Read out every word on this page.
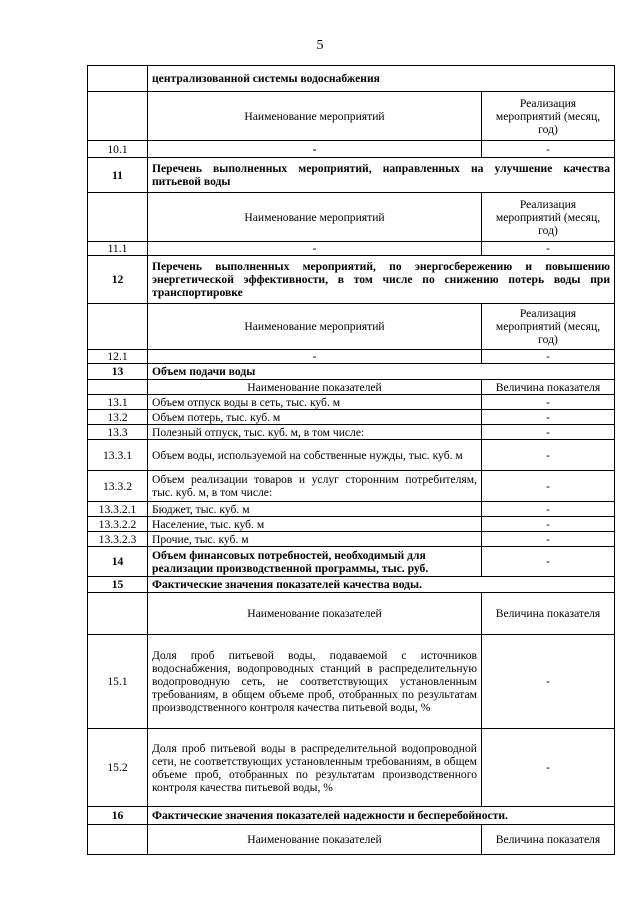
5
	централизованной системы водоснабжения	
	Наименование мероприятий	Реализация мероприятий (месяц, год)
10.1	-	-
11	Перечень выполненных мероприятий, направленных на улучшение качества питьевой воды	
	Наименование мероприятий	Реализация мероприятий (месяц, год)
11.1	-	-
12	Перечень выполненных мероприятий, по энергосбережению и повышению энергетической эффективности, в том числе по снижению потерь воды при транспортировке	
	Наименование мероприятий	Реализация мероприятий (месяц, год)
12.1	-	-
13	Объем подачи воды	
	Наименование показателей	Величина показателя
13.1	Объем отпуск воды в сеть, тыс. куб. м	-
13.2	Объем потерь, тыс. куб. м	-
13.3	Полезный отпуск, тыс. куб. м, в том числе:	-
13.3.1	Объем воды, используемой на собственные нужды, тыс. куб. м	-
13.3.2	Объем реализации товаров и услуг сторонним потребителям, тыс. куб. м, в том числе:	-
13.3.2.1	Бюджет, тыс. куб. м	-
13.3.2.2	Население, тыс. куб. м	-
13.3.2.3	Прочие, тыс. куб. м	-
14	Объем финансовых потребностей, необходимый для реализации производственной программы, тыс. руб.	-
15	Фактические значения показателей качества воды.	
	Наименование показателей	Величина показателя
15.1	Доля проб питьевой воды, подаваемой с источников водоснабжения, водопроводных станций в распределительную водопроводную сеть, не соответствующих установленным требованиям, в общем объеме проб, отобранных по результатам производственного контроля качества питьевой воды, %	-
15.2	Доля проб питьевой воды в распределительной водопроводной сети, не соответствующих установленным требованиям, в общем объеме проб, отобранных по результатам производственного контроля качества питьевой воды, %	-
16	Фактические значения показателей надежности и бесперебойности.	
	Наименование показателей	Величина показателя
